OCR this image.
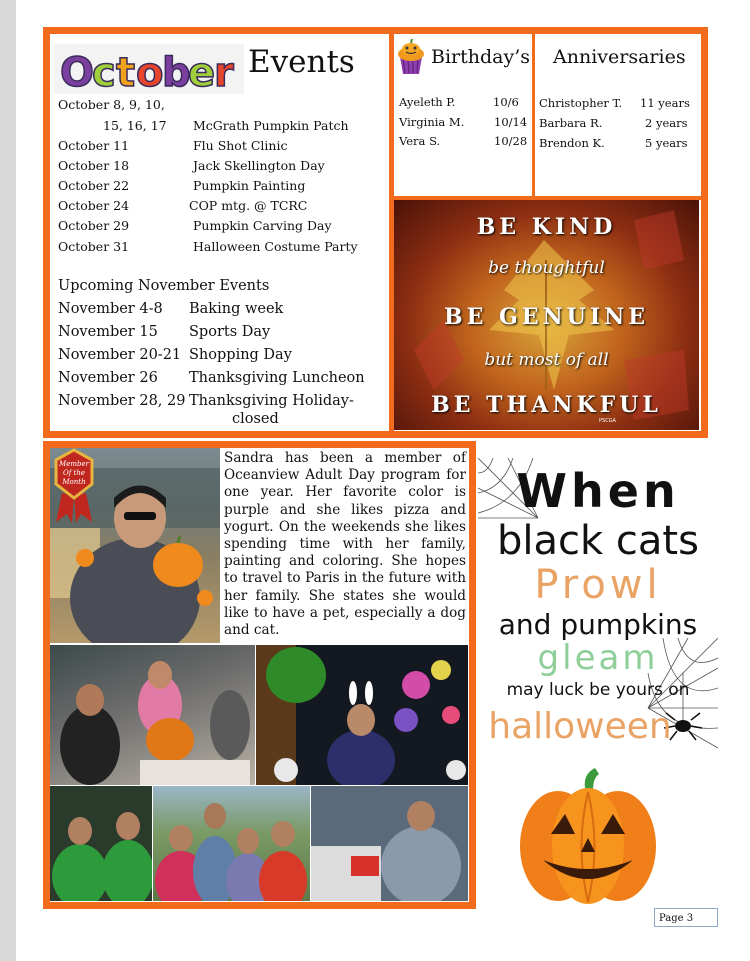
O
c t o
b
e
r Events
October 8, 9, 10,
15, 16, 17 McGrath Pumpkin Patch
October 11	Flu Shot Clinic
October 18	Jack Skellington Day
October 22	Pumpkin Painting
October 24	COP mtg. @ TCRC
October 29	Pumpkin Carving Day
October 31	Halloween Costume Party
Upcoming November Events
November 4-8 Baking week
November 15 Sports Day
November 20-21 Shopping Day
November 26 Thanksgiving Luncheon
November 28, 29 Thanksgiving Holiday-
closed
Birthday’s
Ayeleth P.	10/6
Virginia M.	10/14
Vera S.	10/28
Anniversaries
Christopher T. 11 years
Barbara R.	2 years
Brendon K.	5 years
BE KIND
be thoughtful
BE GENUINE
but most of all
BE THANKFUL
PSCGA
Member
Of the
Month
Sandra has been a member of Oceanview Adult Day program for one year. Her favorite color is purple and she likes pizza and yogurt. On the weekends she likes spending time with her family, painting and coloring. She hopes to travel to Paris in the future with her family. She states she would like to have a pet, especially a dog and cat.
When
black cats
Prowl
and pumpkins
gleam
may luck be yours on
halloween
Page 3
